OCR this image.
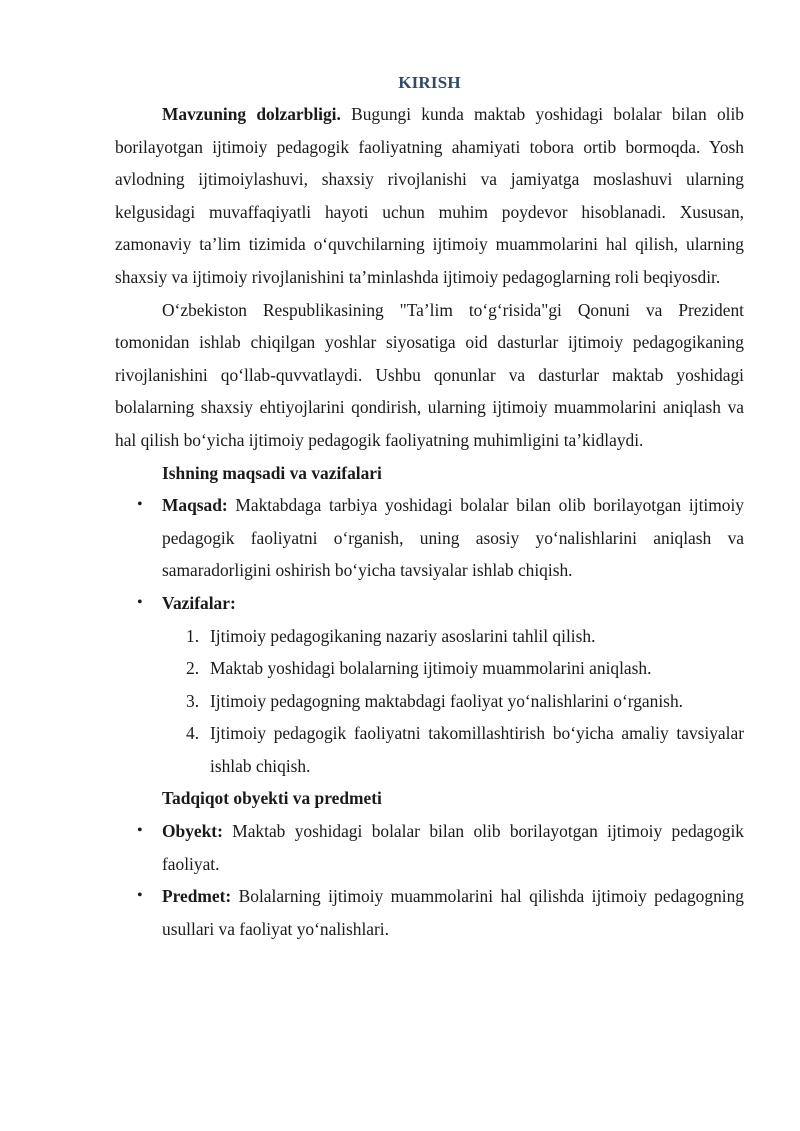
KIRISH

Mavzuning dolzarbligi. Bugungi kunda maktab yoshidagi bolalar bilan olib borilayotgan ijtimoiy pedagogik faoliyatning ahamiyati tobora ortib bormoqda. Yosh avlodning ijtimoiylashuvi, shaxsiy rivojlanishi va jamiyatga moslashuvi ularning kelgusidagi muvaffaqiyatli hayoti uchun muhim poydevor hisoblanadi. Xususan, zamonaviy ta’lim tizimida o‘quvchilarning ijtimoiy muammolarini hal qilish, ularning shaxsiy va ijtimoiy rivojlanishini ta’minlashda ijtimoiy pedagoglarning roli beqiyosdir.

O‘zbekiston Respublikasining "Ta’lim to‘g‘risida"gi Qonuni va Prezident tomonidan ishlab chiqilgan yoshlar siyosatiga oid dasturlar ijtimoiy pedagogikaning rivojlanishini qo‘llab-quvvatlaydi. Ushbu qonunlar va dasturlar maktab yoshidagi bolalarning shaxsiy ehtiyojlarini qondirish, ularning ijtimoiy muammolarini aniqlash va hal qilish bo‘yicha ijtimoiy pedagogik faoliyatning muhimligini ta’kidlaydi.

Ishning maqsadi va vazifalari
• Maqsad: Maktabdaga tarbiya yoshidagi bolalar bilan olib borilayotgan ijtimoiy pedagogik faoliyatni o‘rganish, uning asosiy yo‘nalishlarini aniqlash va samaradorligini oshirish bo‘yicha tavsiyalar ishlab chiqish.
• Vazifalar:
1. Ijtimoiy pedagogikaning nazariy asoslarini tahlil qilish.
2. Maktab yoshidagi bolalarning ijtimoiy muammolarini aniqlash.
3. Ijtimoiy pedagogning maktabdagi faoliyat yo‘nalishlarini o‘rganish.
4. Ijtimoiy pedagogik faoliyatni takomillashtirish bo‘yicha amaliy tavsiyalar ishlab chiqish.
Tadqiqot obyekti va predmeti
• Obyekt: Maktab yoshidagi bolalar bilan olib borilayotgan ijtimoiy pedagogik faoliyat.
• Predmet: Bolalarning ijtimoiy muammolarini hal qilishda ijtimoiy pedagogning usullari va faoliyat yo‘nalishlari.
